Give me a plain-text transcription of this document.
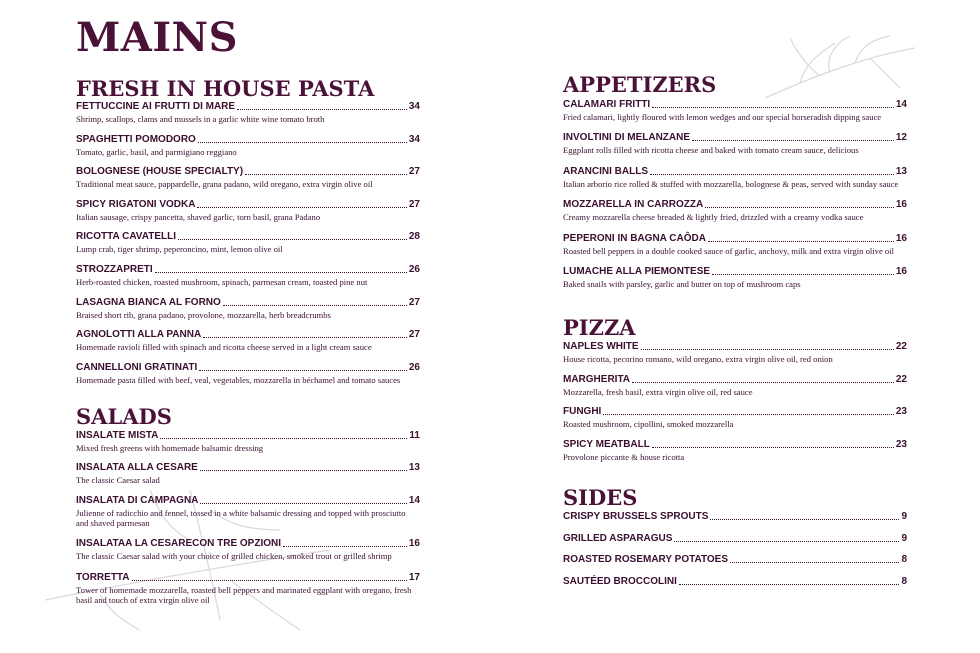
MAINS
FRESH IN HOUSE PASTA
FETTUCCINE AI FRUTTI DI MARE	34
Shrimp, scallops, clams and mussels in a garlic white wine tomato broth
SPAGHETTI POMODORO	34
Tomato, garlic, basil, and parmigiano reggiano
BOLOGNESE (HOUSE SPECIALTY)	27
Traditional meat sauce, pappardelle, grana padano, wild oregano, extra virgin olive oil
SPICY RIGATONI VODKA	27
Italian sausage, crispy pancetta, shaved garlic, torn basil, grana Padano
RICOTTA CAVATELLI	28
Lump crab, tiger shrimp, peperoncino, mint, lemon olive oil
STROZZAPRETI	26
Herb-roasted chicken, roasted mushroom, spinach, parmesan cream, toasted pine nut
LASAGNA BIANCA AL FORNO	27
Braised short rib, grana padano, provolone, mozzarella, herb breadcrumbs
AGNOLOTTI ALLA PANNA	27
Homemade ravioli filled with spinach and ricotta cheese served in a light cream sauce
CANNELLONI GRATINATI	26
Homemade pasta filled with beef, veal, vegetables, mozzarella in béchamel and tomato sauces
SALADS
INSALATE MISTA	11
Mixed fresh greens with homemade balsamic dressing
INSALATA ALLA CESARE	13
The classic Caesar salad
INSALATA DI CAMPAGNA	14
Julienne of radicchio and fennel, tossed in a white balsamic dressing and topped with prosciutto and shaved parmesan
INSALATAA LA CESARECON TRE OPZIONI	16
The classic Caesar salad with your choice of grilled chicken, smoked trout or grilled shrimp
TORRETTA	17
Tower of homemade mozzarella, roasted bell peppers and marinated eggplant with oregano, fresh basil and touch of extra virgin olive oil
APPETIZERS
CALAMARI FRITTI	14
Fried calamari, lightly floured with lemon wedges and our special horseradish dipping sauce
INVOLTINI DI MELANZANE	12
Eggplant rolls filled with ricotta cheese and baked with tomato cream sauce, delicious
ARANCINI BALLS	13
Italian arborio rice rolled & stuffed with mozzarella, bolognese & peas, served with sunday sauce
MOZZARELLA IN CARROZZA	16
Creamy mozzarella cheese breaded & lightly fried, drizzled with a creamy vodka sauce
PEPERONI IN BAGNA CAÔDA	16
Roasted bell peppers in a double cooked sauce of garlic, anchovy, milk and extra virgin olive oil
LUMACHE ALLA PIEMONTESE	16
Baked snails with parsley, garlic and butter on top of mushroom caps
PIZZA
NAPLES WHITE	22
House ricotta, pecorino romano, wild oregano, extra virgin olive oil, red onion
MARGHERITA	22
Mozzarella, fresh basil, extra virgin olive oil, red sauce
FUNGHI	23
Roasted mushroom, cipollini, smoked mozzarella
SPICY MEATBALL	23
Provolone piccante & house ricotta
SIDES
CRISPY BRUSSELS SPROUTS	9
GRILLED ASPARAGUS	9
ROASTED ROSEMARY POTATOES	8
SAUTÉED BROCCOLINI	8
